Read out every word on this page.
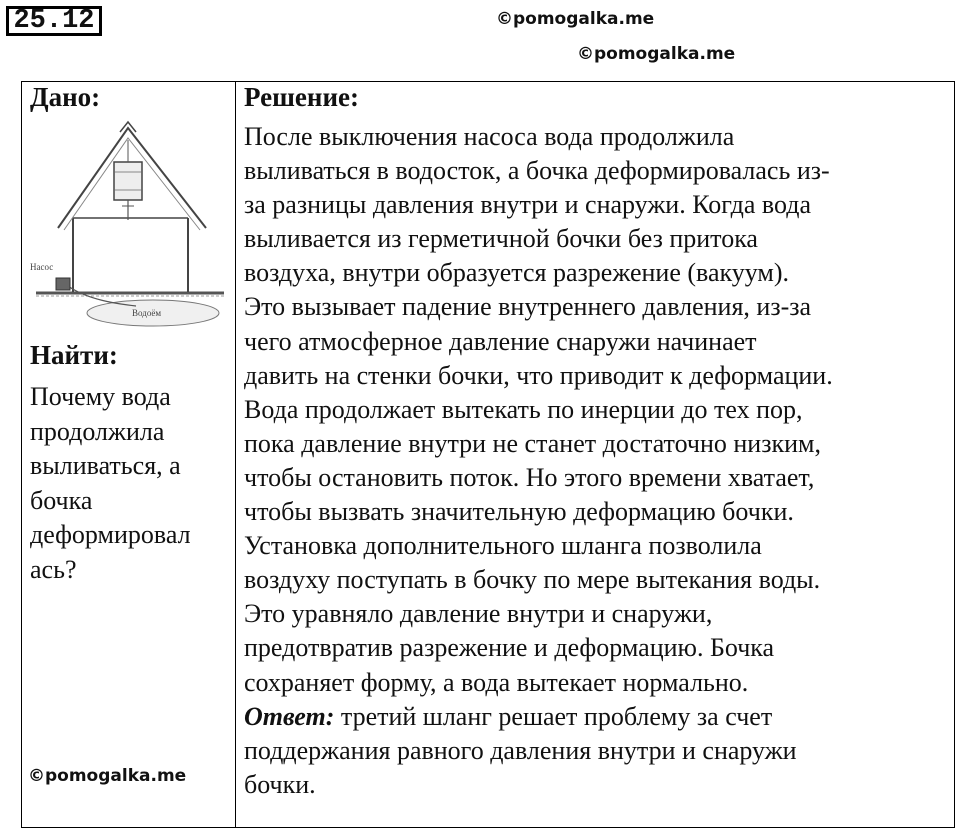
25.12	©pomogalka.me
©pomogalka.me
Дано:
Водоём
Насос
Найти:
Почему вода
продолжила
выливаться, а
бочка
деформировал
ась?
©pomogalka.me
Решение:
После выключения насоса вода продолжила
выливаться в водосток, а бочка деформировалась из-
за разницы давления внутри и снаружи. Когда вода
выливается из герметичной бочки без притока
воздуха, внутри образуется разрежение (вакуум).
Это вызывает падение внутреннего давления, из-за
чего атмосферное давление снаружи начинает
давить на стенки бочки, что приводит к деформации.
Вода продолжает вытекать по инерции до тех пор,
пока давление внутри не станет достаточно низким,
чтобы остановить поток. Но этого времени хватает,
чтобы вызвать значительную деформацию бочки.
Установка дополнительного шланга позволила
воздуху поступать в бочку по мере вытекания воды.
Это уравняло давление внутри и снаружи,
предотвратив разрежение и деформацию. Бочка
сохраняет форму, а вода вытекает нормально.
Ответ: третий шланг решает проблему за счет
поддержания равного давления внутри и снаружи
бочки.
